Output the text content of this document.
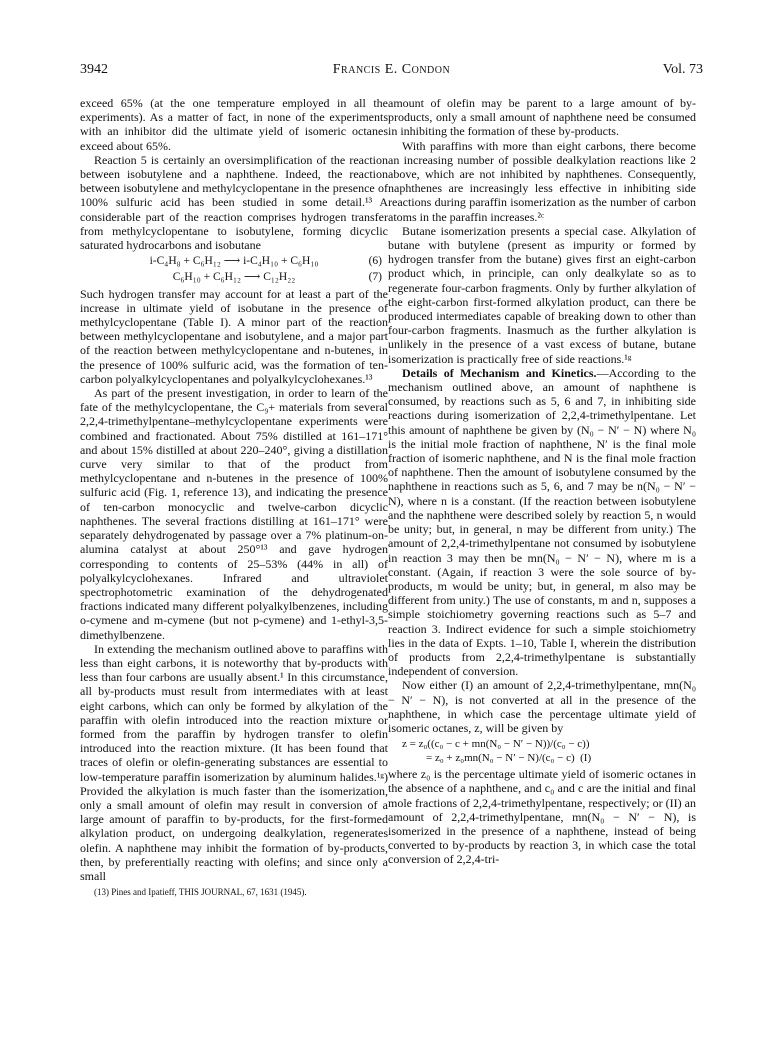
3942	Francis E. Condon	Vol. 73

exceed 65% (at the one temperature employed in all the experiments). As a matter of fact, in none of the experiments with an inhibitor did the ultimate yield of isomeric octanes exceed about 65%.

Reaction 5 is certainly an oversimplification of the reaction between isobutylene and a naphthene. Indeed, the reaction between isobutylene and methylcyclopentane in the presence of 100% sulfuric acid has been studied in some detail.¹³ A considerable part of the reaction comprises hydrogen transfer from methylcyclopentane to isobutylene, forming dicyclic saturated hydrocarbons and isobutane

i-C₄H₈ + C₆H₁₂ ⟶ i-C₄H₁₀ + C₆H₁₀	(6)
C₆H₁₀ + C₆H₁₂ ⟶ C₁₂H₂₂	(7)

Such hydrogen transfer may account for at least a part of the increase in ultimate yield of isobutane in the presence of methylcyclopentane (Table I). A minor part of the reaction between methylcyclopentane and isobutylene, and a major part of the reaction between methylcyclopentane and n-butenes, in the presence of 100% sulfuric acid, was the formation of ten-carbon polyalkylcyclopentanes and polyalkylcyclohexanes.¹³

As part of the present investigation, in order to learn of the fate of the methylcyclopentane, the C₉+ materials from several 2,2,4-trimethylpentane–methylcyclopentane experiments were combined and fractionated. About 75% distilled at 161–171° and about 15% distilled at about 220–240°, giving a distillation curve very similar to that of the product from methylcyclopentane and n-butenes in the presence of 100% sulfuric acid (Fig. 1, reference 13), and indicating the presence of ten-carbon monocyclic and twelve-carbon dicyclic naphthenes. The several fractions distilling at 161–171° were separately dehydrogenated by passage over a 7% platinum-on-alumina catalyst at about 250°¹³ and gave hydrogen corresponding to contents of 25–53% (44% in all) of polyalkylcyclohexanes. Infrared and ultraviolet spectrophotometric examination of the dehydrogenated fractions indicated many different polyalkylbenzenes, including o-cymene and m-cymene (but not p-cymene) and 1-ethyl-3,5-dimethylbenzene.

In extending the mechanism outlined above to paraffins with less than eight carbons, it is noteworthy that by-products with less than four carbons are usually absent.¹ In this circumstance, all by-products must result from intermediates with at least eight carbons, which can only be formed by alkylation of the paraffin with olefin introduced into the reaction mixture or formed from the paraffin by hydrogen transfer to olefin introduced into the reaction mixture. (It has been found that traces of olefin or olefin-generating substances are essential to low-temperature paraffin isomerization by aluminum halides.¹ᵍ) Provided the alkylation is much faster than the isomerization, only a small amount of olefin may result in conversion of a large amount of paraffin to by-products, for the first-formed alkylation product, on undergoing dealkylation, regenerates olefin. A naphthene may inhibit the formation of by-products, then, by preferentially reacting with olefins; and since only a small

(13) Pines and Ipatieff, THIS JOURNAL, 67, 1631 (1945).

amount of olefin may be parent to a large amount of by-products, only a small amount of naphthene need be consumed in inhibiting the formation of these by-products.

With paraffins with more than eight carbons, there become an increasing number of possible dealkylation reactions like 2 above, which are not inhibited by naphthenes. Consequently, naphthenes are increasingly less effective in inhibiting side reactions during paraffin isomerization as the number of carbon atoms in the paraffin increases.²ᶜ

Butane isomerization presents a special case. Alkylation of butane with butylene (present as impurity or formed by hydrogen transfer from the butane) gives first an eight-carbon product which, in principle, can only dealkylate so as to regenerate four-carbon fragments. Only by further alkylation of the eight-carbon first-formed alkylation product, can there be produced intermediates capable of breaking down to other than four-carbon fragments. Inasmuch as the further alkylation is unlikely in the presence of a vast excess of butane, butane isomerization is practically free of side reactions.¹ᵍ

Details of Mechanism and Kinetics.—According to the mechanism outlined above, an amount of naphthene is consumed, by reactions such as 5, 6 and 7, in inhibiting side reactions during isomerization of 2,2,4-trimethylpentane. Let this amount of naphthene be given by (N₀ − N′ − N) where N₀ is the initial mole fraction of naphthene, N′ is the final mole fraction of isomeric naphthene, and N is the final mole fraction of naphthene. Then the amount of isobutylene consumed by the naphthene in reactions such as 5, 6, and 7 may be n(N₀ − N′ − N), where n is a constant. (If the reaction between isobutylene and the naphthene were described solely by reaction 5, n would be unity; but, in general, n may be different from unity.) The amount of 2,2,4-trimethylpentane not consumed by isobutylene in reaction 3 may then be mn(N₀ − N′ − N), where m is a constant. (Again, if reaction 3 were the sole source of by-products, m would be unity; but, in general, m also may be different from unity.) The use of constants, m and n, supposes a simple stoichiometry governing reactions such as 5–7 and reaction 3. Indirect evidence for such a simple stoichiometry lies in the data of Expts. 1–10, Table I, wherein the distribution of products from 2,2,4-trimethylpentane is substantially independent of conversion.

Now either (I) an amount of 2,2,4-trimethylpentane, mn(N₀ − N′ − N), is not converted at all in the presence of the naphthene, in which case the percentage ultimate yield of isomeric octanes, z, will be given by

z = z₀((c₀ − c + mn(N₀ − N′ − N))/(c₀ − c))
= z₀ + z₀mn(N₀ − N′ − N)/(c₀ − c) (I)

where z₀ is the percentage ultimate yield of isomeric octanes in the absence of a naphthene, and c₀ and c are the initial and final mole fractions of 2,2,4-trimethylpentane, respectively; or (II) an amount of 2,2,4-trimethylpentane, mn(N₀ − N′ − N), is isomerized in the presence of a naphthene, instead of being converted to by-products by reaction 3, in which case the total conversion of 2,2,4-tri-
